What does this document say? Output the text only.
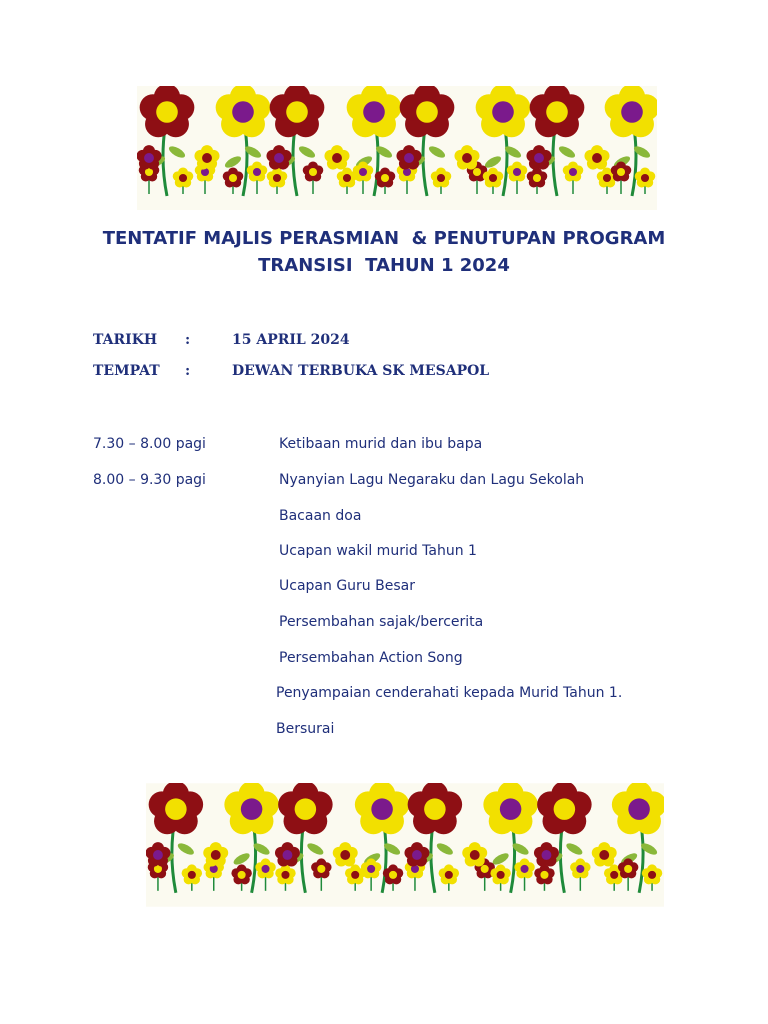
TENTATIF MAJLIS PERASMIAN  & PENUTUPAN PROGRAM
TRANSISI  TAHUN 1 2024
TARIKH :	15 APRIL 2024
TEMPAT :	DEWAN TERBUKA SK MESAPOL
7.30 – 8.00 pagi	Ketibaan murid dan ibu bapa
8.00 – 9.30 pagi	Nyanyian Lagu Negaraku dan Lagu Sekolah
Bacaan doa
Ucapan wakil murid Tahun 1
Ucapan Guru Besar
Persembahan sajak/bercerita
Persembahan Action Song
Penyampaian cenderahati kepada Murid Tahun 1.
Bersurai
